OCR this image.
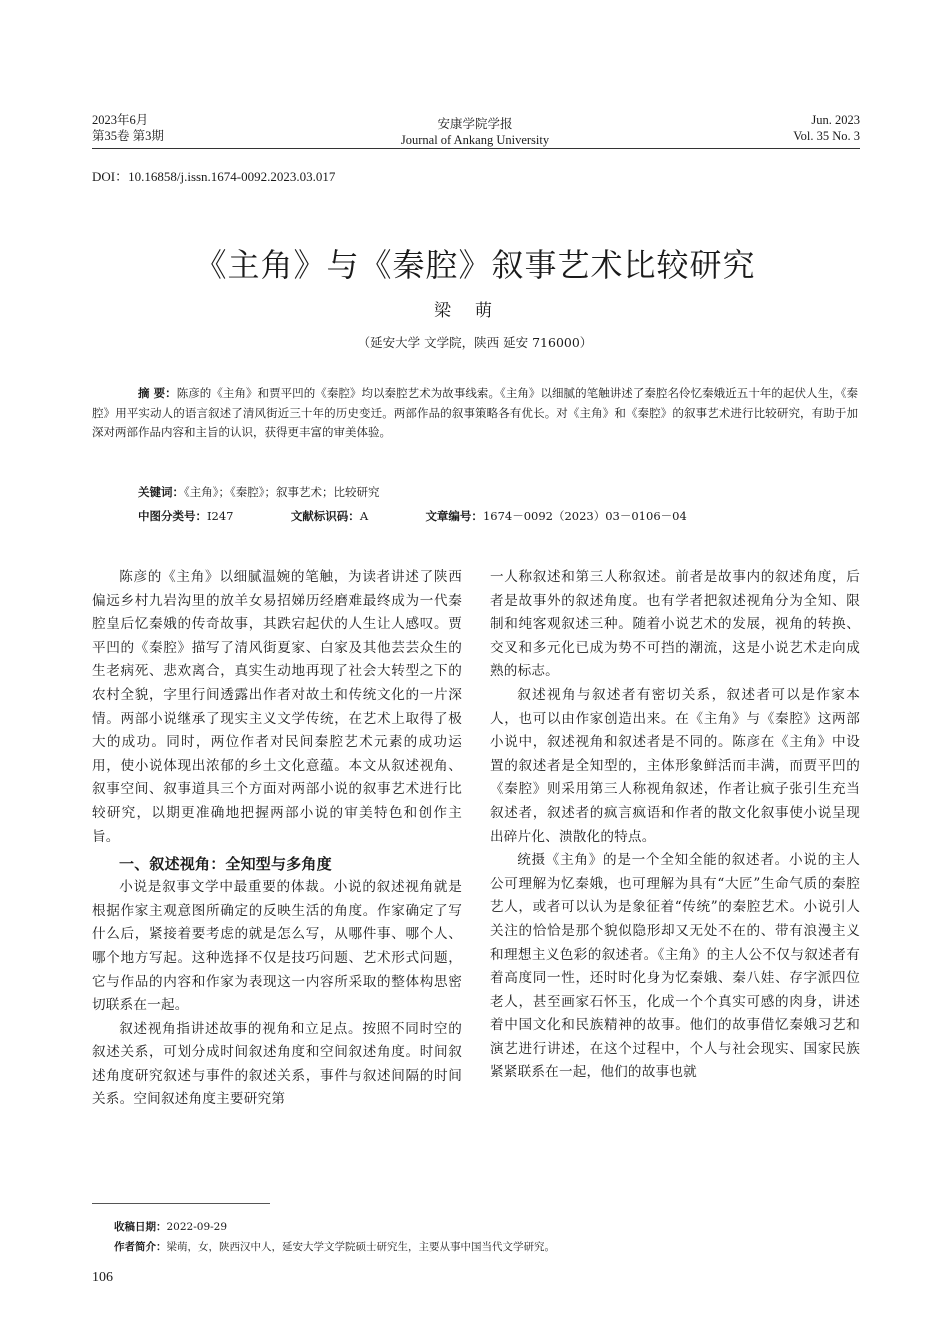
2023年6月
第35卷 第3期
安康学院学报
Journal of Ankang University
Jun. 2023
Vol. 35 No. 3
DOI：10.16858/j.issn.1674-0092.2023.03.017
《主角》与《秦腔》叙事艺术比较研究
梁萌
（延安大学 文学院，陕西 延安 716000）

摘 要：陈彦的《主角》和贾平凹的《秦腔》均以秦腔艺术为故事线索。《主角》以细腻的笔触讲述了秦腔名伶忆秦娥近五十年的起伏人生，《秦腔》用平实动人的语言叙述了清风街近三十年的历史变迁。两部作品的叙事策略各有优长。对《主角》和《秦腔》的叙事艺术进行比较研究，有助于加深对两部作品内容和主旨的认识，获得更丰富的审美体验。

关键词：《主角》；《秦腔》；叙事艺术；比较研究
中图分类号：I247	文献标识码：A	文章编号：1674－0092（2023）03－0106－04

陈彦的《主角》以细腻温婉的笔触，为读者讲述了陕西偏远乡村九岩沟里的放羊女易招娣历经磨难最终成为一代秦腔皇后忆秦娥的传奇故事，其跌宕起伏的人生让人感叹。贾平凹的《秦腔》描写了清风街夏家、白家及其他芸芸众生的生老病死、悲欢离合，真实生动地再现了社会大转型之下的农村全貌，字里行间透露出作者对故土和传统文化的一片深情。两部小说继承了现实主义文学传统，在艺术上取得了极大的成功。同时，两位作者对民间秦腔艺术元素的成功运用，使小说体现出浓郁的乡土文化意蕴。本文从叙述视角、叙事空间、叙事道具三个方面对两部小说的叙事艺术进行比较研究，以期更准确地把握两部小说的审美特色和创作主旨。

一、叙述视角：全知型与多角度

小说是叙事文学中最重要的体裁。小说的叙述视角就是根据作家主观意图所确定的反映生活的角度。作家确定了写什么后，紧接着要考虑的就是怎么写，从哪件事、哪个人、哪个地方写起。这种选择不仅是技巧问题、艺术形式问题，它与作品的内容和作家为表现这一内容所采取的整体构思密切联系在一起。

叙述视角指讲述故事的视角和立足点。按照不同时空的叙述关系，可划分成时间叙述角度和空间叙述角度。时间叙述角度研究叙述与事件的叙述关系，事件与叙述间隔的时间关系。空间叙述角度主要研究第

一人称叙述和第三人称叙述。前者是故事内的叙述角度，后者是故事外的叙述角度。也有学者把叙述视角分为全知、限制和纯客观叙述三种。随着小说艺术的发展，视角的转换、交叉和多元化已成为势不可挡的潮流，这是小说艺术走向成熟的标志。

叙述视角与叙述者有密切关系，叙述者可以是作家本人，也可以由作家创造出来。在《主角》与《秦腔》这两部小说中，叙述视角和叙述者是不同的。陈彦在《主角》中设置的叙述者是全知型的，主体形象鲜活而丰满，而贾平凹的《秦腔》则采用第三人称视角叙述，作者让疯子张引生充当叙述者，叙述者的疯言疯语和作者的散文化叙事使小说呈现出碎片化、溃散化的特点。

统摄《主角》的是一个全知全能的叙述者。小说的主人公可理解为忆秦娥，也可理解为具有“大匠”生命气质的秦腔艺人，或者可以认为是象征着“传统”的秦腔艺术。小说引人关注的恰恰是那个貌似隐形却又无处不在的、带有浪漫主义和理想主义色彩的叙述者。《主角》的主人公不仅与叙述者有着高度同一性，还时时化身为忆秦娥、秦八娃、存字派四位老人，甚至画家石怀玉，化成一个个真实可感的肉身，讲述着中国文化和民族精神的故事。他们的故事借忆秦娥习艺和演艺进行讲述，在这个过程中，个人与社会现实、国家民族紧紧联系在一起，他们的故事也就

收稿日期：2022-09-29
作者简介：梁萌，女，陕西汉中人，延安大学文学院硕士研究生，主要从事中国当代文学研究。
106
